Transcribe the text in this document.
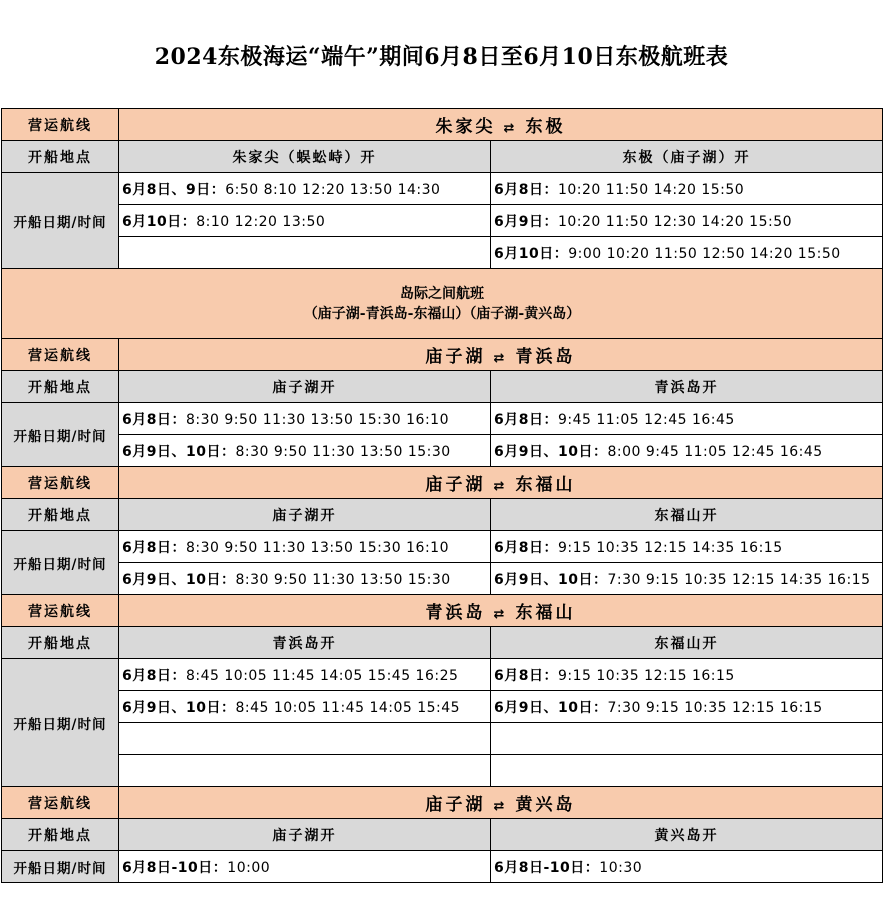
2024东极海运“端午”期间6月8日至6月10日东极航班表
营运航线	朱家尖 ⇄ 东极	
开船地点	朱家尖（蜈蚣峙）开	东极（庙子湖）开
开船日期/时间	6月8日、9日：6:50 8:10 12:20 13:50 14:30	6月8日：10:20 11:50 14:20 15:50
	6月10日：8:10 12:20 13:50	6月9日：10:20 11:50 12:30 14:20 15:50
		6月10日：9:00 10:20 11:50 12:50 14:20 15:50

岛际之间航班
（庙子湖-青浜岛-东福山）（庙子湖-黄兴岛）		

营运航线	庙子湖 ⇄ 青浜岛	
开船地点	庙子湖开	青浜岛开
开船日期/时间	6月8日：8:30 9:50 11:30 13:50 15:30 16:10	6月8日：9:45 11:05 12:45 16:45
	6月9日、10日：8:30 9:50 11:30 13:50 15:30	6月9日、10日：8:00 9:45 11:05 12:45 16:45
营运航线	庙子湖 ⇄ 东福山	
开船地点	庙子湖开	东福山开
开船日期/时间	6月8日：8:30 9:50 11:30 13:50 15:30 16:10	6月8日：9:15 10:35 12:15 14:35 16:15
	6月9日、10日：8:30 9:50 11:30 13:50 15:30	6月9日、10日：7:30 9:15 10:35 12:15 14:35 16:15
营运航线	青浜岛 ⇄ 东福山	
开船地点	青浜岛开	东福山开
开船日期/时间	6月8日：8:45 10:05 11:45 14:05 15:45 16:25	6月8日：9:15 10:35 12:15 16:15
	6月9日、10日：8:45 10:05 11:45 14:05 15:45	6月9日、10日：7:30 9:15 10:35 12:15 16:15

营运航线	庙子湖 ⇄ 黄兴岛	
开船地点	庙子湖开	黄兴岛开
开船日期/时间	6月8日-10日：10:00	6月8日-10日：10:30
